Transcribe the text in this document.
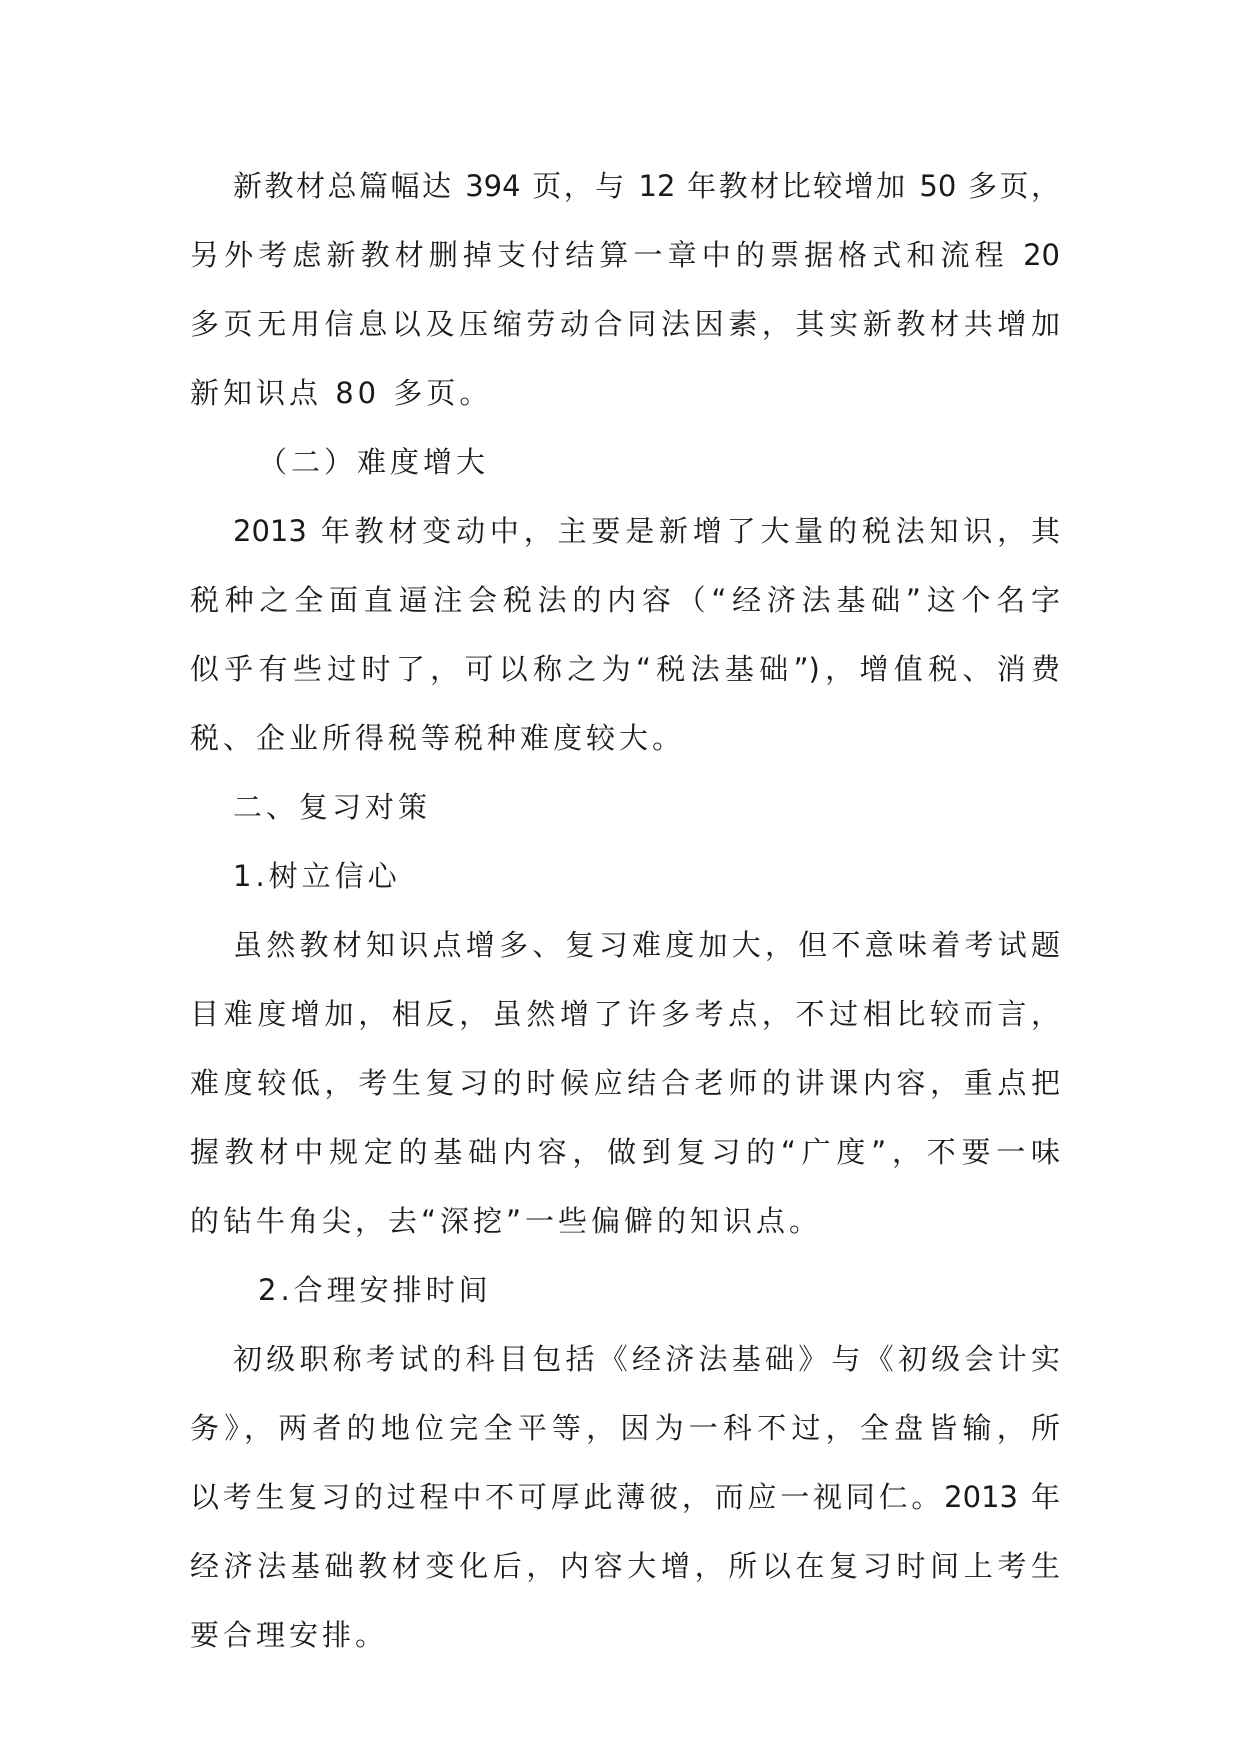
新教材总篇幅达 394 页，与 12 年教材比较增加 50 多页，
另外考虑新教材删掉支付结算一章中的票据格式和流程 20
多页无用信息以及压缩劳动合同法因素，其实新教材共增加
新知识点 80 多页。
（二）难度增大
2013 年教材变动中，主要是新增了大量的税法知识，其
税种之全面直逼注会税法的内容（“经济法基础”这个名字
似乎有些过时了，可以称之为“税法基础”)，增值税、消费
税、企业所得税等税种难度较大。
二、复习对策
1.树立信心
虽然教材知识点增多、复习难度加大，但不意味着考试题
目难度增加，相反，虽然增了许多考点，不过相比较而言，
难度较低，考生复习的时候应结合老师的讲课内容，重点把
握教材中规定的基础内容，做到复习的“广度”，不要一味
的钻牛角尖，去“深挖”一些偏僻的知识点。
2.合理安排时间
初级职称考试的科目包括《经济法基础》与《初级会计实
务》，两者的地位完全平等，因为一科不过，全盘皆输，所
以考生复习的过程中不可厚此薄彼，而应一视同仁。2013 年
经济法基础教材变化后，内容大增，所以在复习时间上考生
要合理安排。
